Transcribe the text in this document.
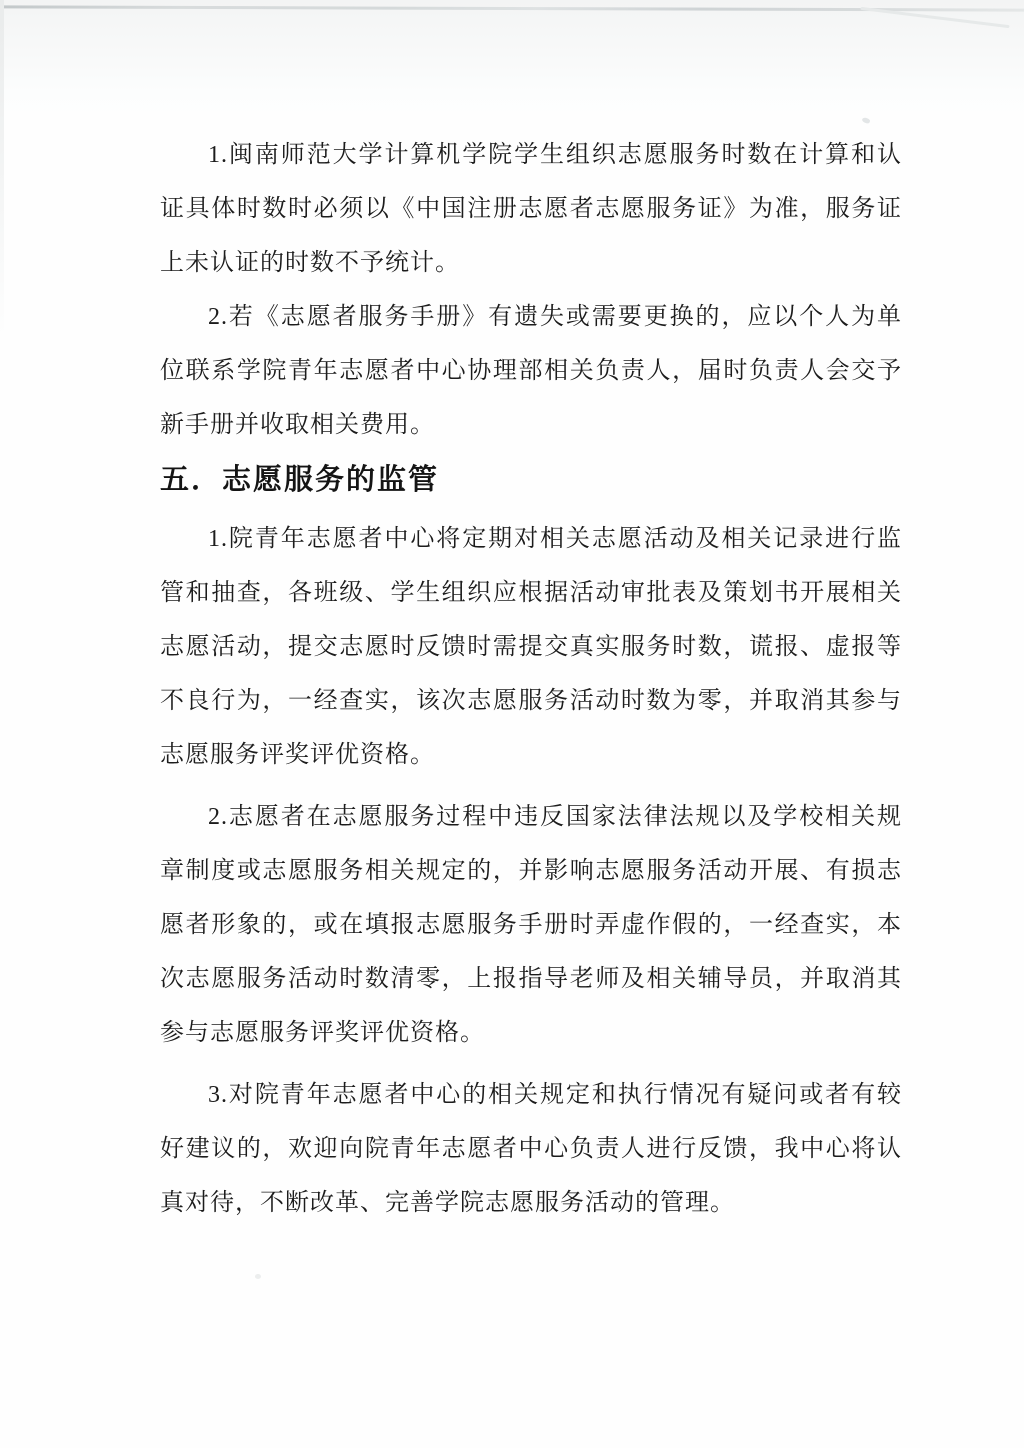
1.闽南师范大学计算机学院学生组织志愿服务时数在计算和认证具体时数时必须以《中国注册志愿者志愿服务证》为准，服务证上未认证的时数不予统计。

2.若《志愿者服务手册》有遗失或需要更换的，应以个人为单位联系学院青年志愿者中心协理部相关负责人，届时负责人会交予新手册并收取相关费用。

五．志愿服务的监管

1.院青年志愿者中心将定期对相关志愿活动及相关记录进行监管和抽查，各班级、学生组织应根据活动审批表及策划书开展相关志愿活动，提交志愿时反馈时需提交真实服务时数，谎报、虚报等不良行为，一经查实，该次志愿服务活动时数为零，并取消其参与志愿服务评奖评优资格。

2.志愿者在志愿服务过程中违反国家法律法规以及学校相关规章制度或志愿服务相关规定的，并影响志愿服务活动开展、有损志愿者形象的，或在填报志愿服务手册时弄虚作假的，一经查实，本次志愿服务活动时数清零，上报指导老师及相关辅导员，并取消其参与志愿服务评奖评优资格。

3.对院青年志愿者中心的相关规定和执行情况有疑问或者有较好建议的，欢迎向院青年志愿者中心负责人进行反馈，我中心将认真对待，不断改革、完善学院志愿服务活动的管理。
